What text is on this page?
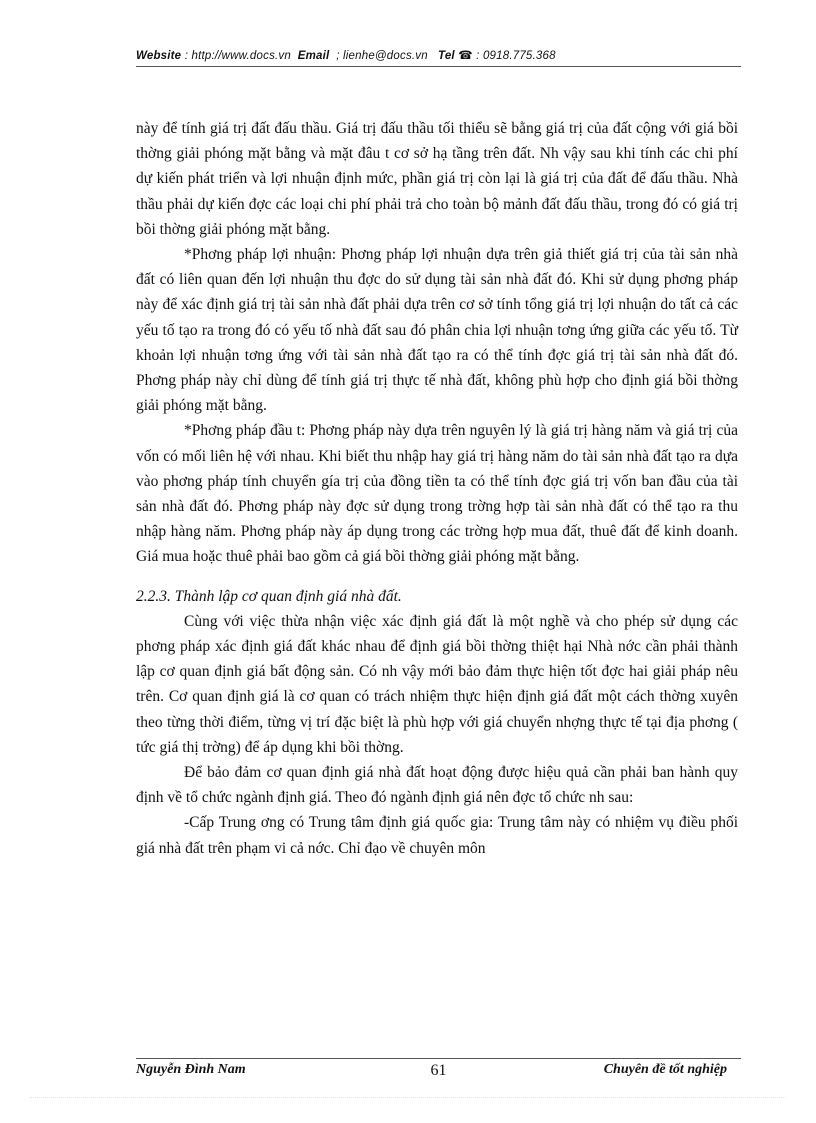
Website : http://www.docs.vn Email ; lienhe@docs.vn Tel ☎ : 0918.775.368

này để tính giá trị đất đấu thầu. Giá trị đấu thầu tối thiểu sẽ bằng giá trị của đất cộng với giá bồi thờng giải phóng mặt bằng và mặt đâu t cơ sở hạ tầng trên đất. Nh vậy sau khi tính các chi phí dự kiến phát triển và lợi nhuận định mức, phần giá trị còn lại là giá trị của đất để đấu thầu. Nhà thầu phải dự kiến đợc các loại chi phí phải trả cho toàn bộ mảnh đất đấu thầu, trong đó có giá trị bồi thờng giải phóng mặt bằng.

*Phơng pháp lợi nhuận: Phơng pháp lợi nhuận dựa trên giả thiết giá trị của tài sản nhà đất có liên quan đến lợi nhuận thu đợc do sử dụng tài sản nhà đất đó. Khi sử dụng phơng pháp này để xác định giá trị tài sản nhà đất phải dựa trên cơ sở tính tổng giá trị lợi nhuận do tất cả các yếu tố tạo ra trong đó có yếu tố nhà đất sau đó phân chia lợi nhuận tơng ứng giữa các yếu tố. Từ khoản lợi nhuận tơng ứng với tài sản nhà đất tạo ra có thể tính đợc giá trị tài sản nhà đất đó. Phơng pháp này chỉ dùng để tính giá trị thực tế nhà đất, không phù hợp cho định giá bồi thờng giải phóng mặt bằng.

*Phơng pháp đầu t: Phơng pháp này dựa trên nguyên lý là giá trị hàng năm và giá trị của vốn có mối liên hệ với nhau. Khi biết thu nhập hay giá trị hàng năm do tài sản nhà đất tạo ra dựa vào phơng pháp tính chuyển gía trị của đồng tiền ta có thể tính đợc giá trị vốn ban đầu của tài sản nhà đất đó. Phơng pháp này đợc sử dụng trong trờng hợp tài sản nhà đất có thể tạo ra thu nhập hàng năm. Phơng pháp này áp dụng trong các trờng hợp mua đất, thuê đất để kinh doanh. Giá mua hoặc thuê phải bao gồm cả giá bồi thờng giải phóng mặt bằng.

2.2.3. Thành lập cơ quan định giá nhà đất.

Cùng với việc thừa nhận việc xác định giá đất là một nghề và cho phép sử dụng các phơng pháp xác định giá đất khác nhau để định giá bồi thờng thiệt hại Nhà nớc cần phải thành lập cơ quan định giá bất động sản. Có nh vậy mới bảo đảm thực hiện tốt đợc hai giải pháp nêu trên. Cơ quan định giá là cơ quan có trách nhiệm thực hiện định giá đất một cách thờng xuyên theo từng thời điểm, từng vị trí đặc biệt là phù hợp với giá chuyển nhợng thực tế tại địa phơng ( tức giá thị trờng) để áp dụng khi bồi thờng.

Để bảo đảm cơ quan định giá nhà đất hoạt động được hiệu quả cần phải ban hành quy định về tổ chức ngành định giá. Theo đó ngành định giá nên đợc tổ chức nh sau:

-Cấp Trung ơng có Trung tâm định giá quốc gia: Trung tâm này có nhiệm vụ điều phối giá nhà đất trên phạm vi cả nớc. Chỉ đạo về chuyên môn

Nguyễn Đình Nam	61	Chuyên đề tốt nghiệp
